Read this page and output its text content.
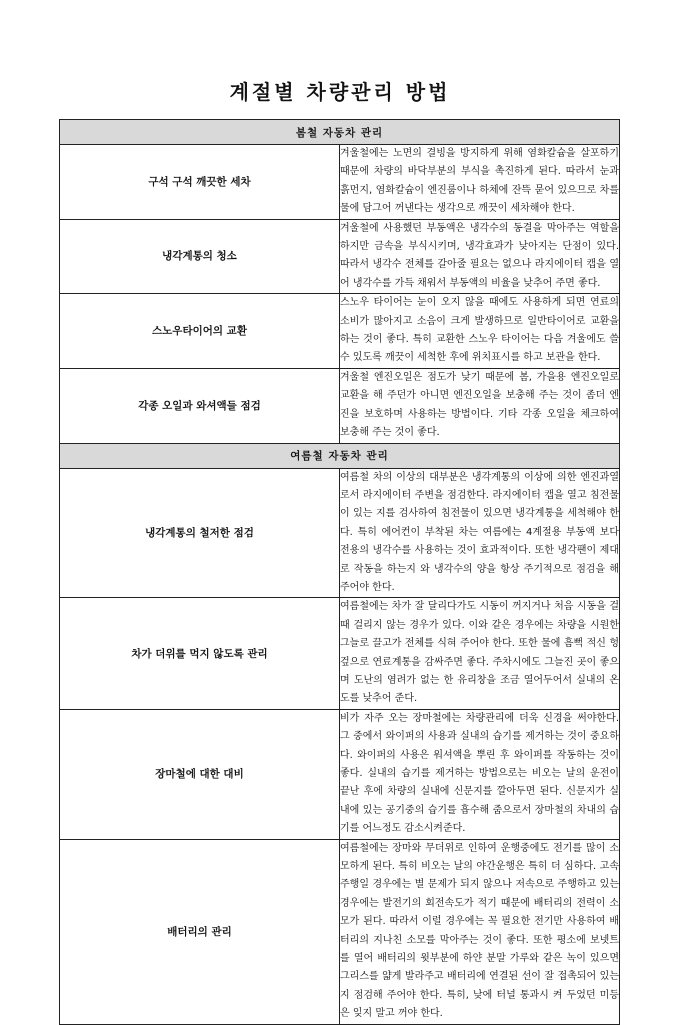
계절별 차량관리 방법
봄철 자동차 관리	
구석 구석 깨끗한 세차	겨울철에는 노면의 결빙을 방지하게 위해 염화칼슘을 살포하기 때문에 차량의 바닥부분의 부식을 촉진하게 된다. 따라서 눈과 흙먼지, 염화칼슘이 엔진룸이나 하체에 잔뜩 묻어 있으므로 차를 물에 담그어 꺼낸다는 생각으로 깨끗이 세차해야 한다.
냉각계통의 청소	겨울철에 사용했던 부동액은 냉각수의 동결을 막아주는 역할을 하지만 금속을 부식시키며, 냉각효과가 낮아지는 단점이 있다. 따라서 냉각수 전체를 갈아줄 필요는 없으나 라지에이터 캡을 열어 냉각수를 가득 채워서 부동액의 비율을 낮추어 주면 좋다.
스노우타이어의 교환	스노우 타이어는 눈이 오지 않을 때에도 사용하게 되면 연료의 소비가 많아지고 소음이 크게 발생하므로 일반타이어로 교환을 하는 것이 좋다. 특히 교환한 스노우 타이어는 다음 겨울에도 쓸 수 있도록 깨끗이 세척한 후에 위치표시를 하고 보관을 한다.
각종 오일과 와셔액들 점검	겨울철 엔진오일은 점도가 낮기 때문에 봄, 가을용 엔진오일로 교환을 해 주던가 아니면 엔진오일을 보충해 주는 것이 좀더 엔진을 보호하며 사용하는 방법이다. 기타 각종 오일을 체크하여 보충해 주는 것이 좋다.
여름철 자동차 관리	
냉각계통의 철저한 점검	여름철 차의 이상의 대부분은 냉각계통의 이상에 의한 엔진과열로서 라지에이터 주변을 점검한다. 라지에이터 캡을 열고 침전물이 있는 지를 검사하여 침전물이 있으면 냉각계통을 세척해야 한다. 특히 에어컨이 부착된 차는 여름에는 4계절용 부동액 보다 전용의 냉각수를 사용하는 것이 효과적이다. 또한 냉각팬이 제대로 작동을 하는지 와 냉각수의 양을 항상 주기적으로 점검을 해 주어야 한다.
차가 더위를 먹지 않도록 관리	여름철에는 차가 잘 달리다가도 시동이 꺼지거나 처음 시동을 걸 때 걸리지 않는 경우가 있다. 이와 같은 경우에는 차량을 시원한 그늘로 끌고가 전체를 식혀 주어야 한다. 또한 물에 흠뻑 적신 헝겊으로 연료계통을 감싸주면 좋다. 주차시에도 그늘진 곳이 좋으며 도난의 염려가 없는 한 유리창을 조금 열어두어서 실내의 온도를 낮추어 준다.
장마철에 대한 대비	비가 자주 오는 장마철에는 차량관리에 더욱 신경을 써야한다. 그 중에서 와이퍼의 사용과 실내의 습기를 제거하는 것이 중요하다. 와이퍼의 사용은 워셔액을 뿌린 후 와이퍼를 작동하는 것이 좋다. 실내의 습기를 제거하는 방법으로는 비오는 날의 운전이 끝난 후에 차량의 실내에 신문지를 깔아두면 된다. 신문지가 실내에 있는 공기중의 습기를 흡수해 줌으로서 장마철의 차내의 습기를 어느정도 감소시켜준다.
배터리의 관리	여름철에는 장마와 무더위로 인하여 운행중에도 전기를 많이 소모하게 된다. 특히 비오는 날의 야간운행은 특히 더 심하다. 고속주행일 경우에는 별 문제가 되지 않으나 저속으로 주행하고 있는 경우에는 발전기의 회전속도가 적기 때문에 배터리의 전력이 소모가 된다. 따라서 이럴 경우에는 꼭 필요한 전기만 사용하여 배터리의 지나친 소모를 막아주는 것이 좋다. 또한 평소에 보넷트를 열어 배터리의 윗부분에 하얀 분말 가루와 같은 녹이 있으면 그리스를 얇게 발라주고 배터리에 연결된 선이 잘 접촉되어 있는지 점검해 주어야 한다. 특히, 낮에 터널 통과시 켜 두었던 미등은 잊지 말고 꺼야 한다.
